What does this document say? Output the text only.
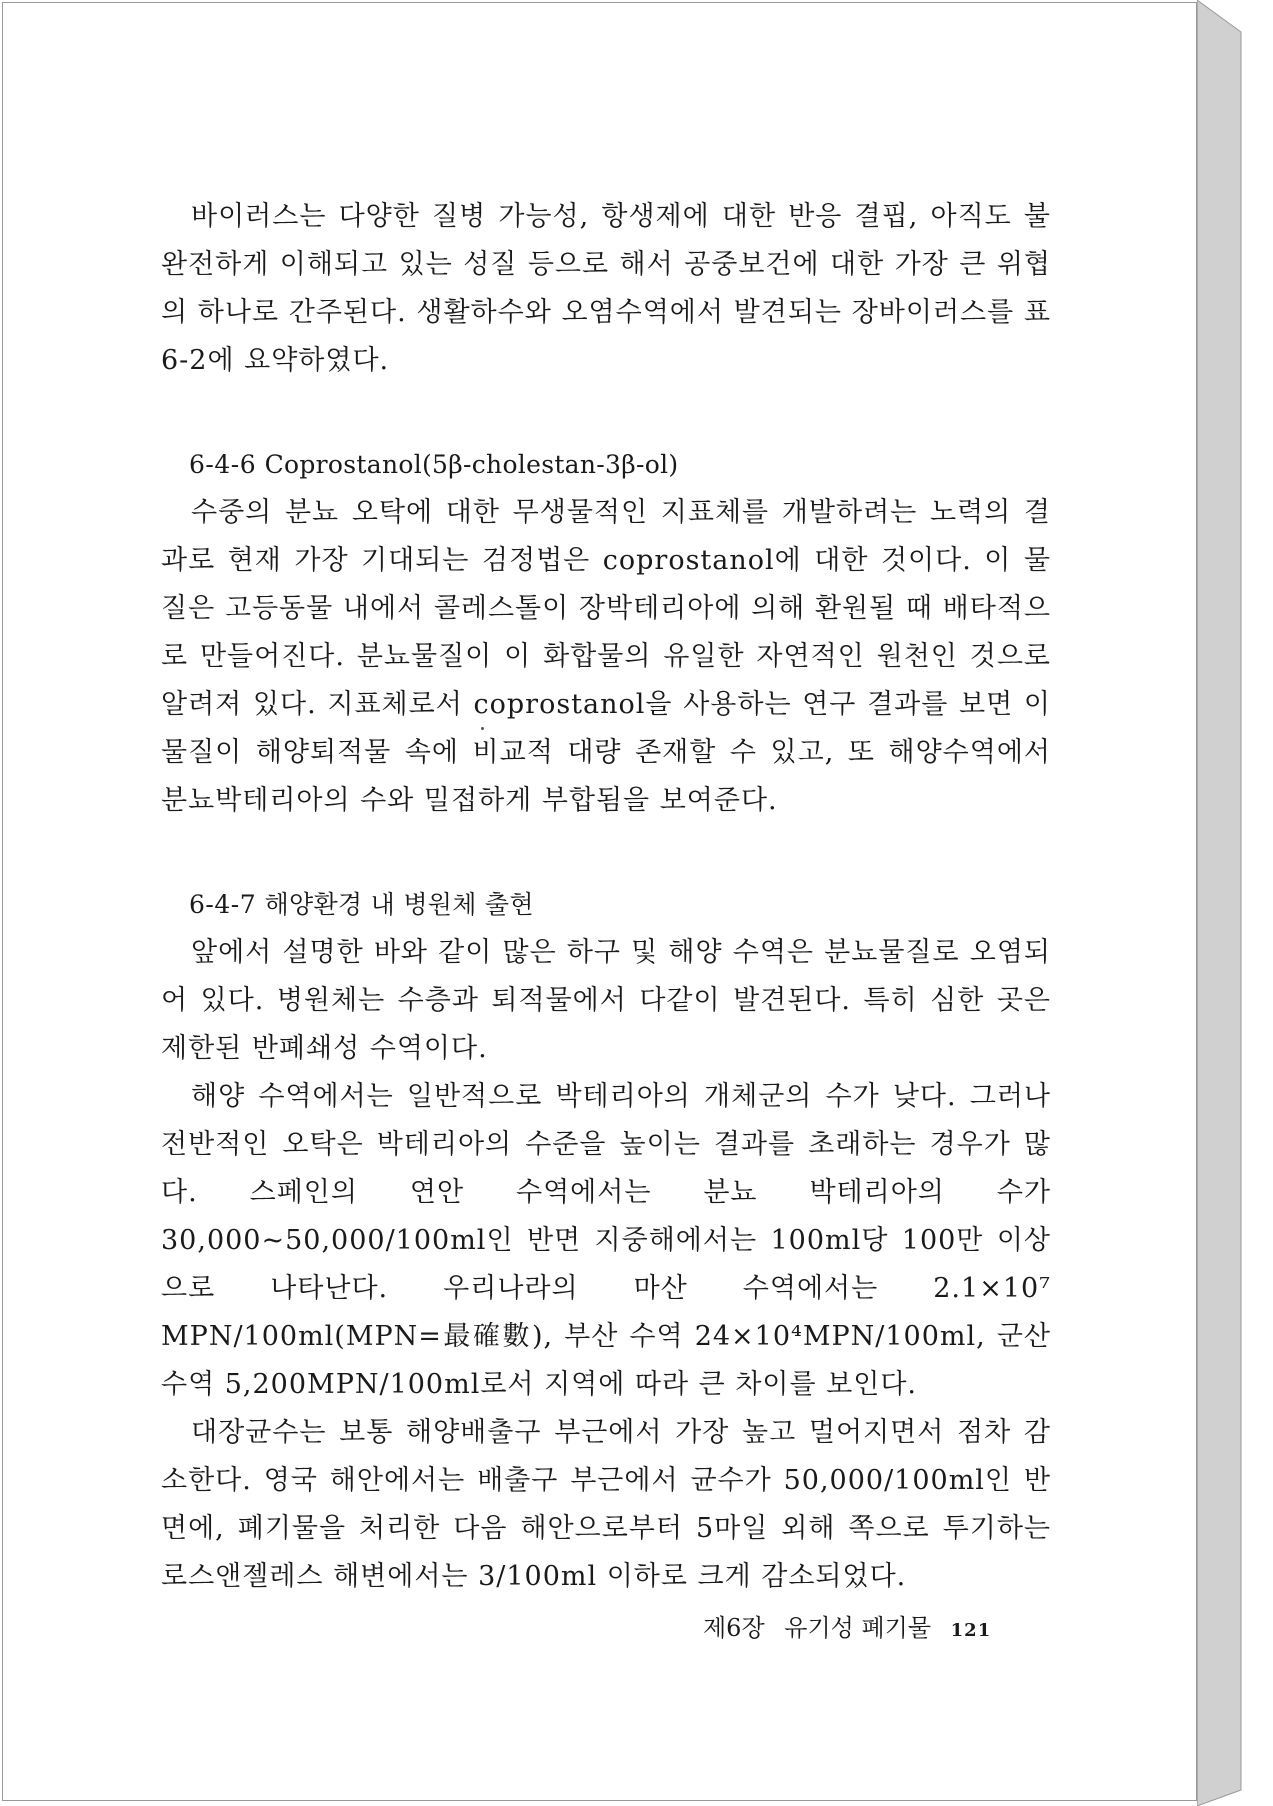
바이러스는 다양한 질병 가능성, 항생제에 대한 반응 결핍, 아직도 불완전하게 이해되고 있는 성질 등으로 해서 공중보건에 대한 가장 큰 위협의 하나로 간주된다. 생활하수와 오염수역에서 발견되는 장바이러스를 표 6-2에 요약하였다.

6-4-6 Coprostanol(5β-cholestan-3β-ol)

수중의 분뇨 오탁에 대한 무생물적인 지표체를 개발하려는 노력의 결과로 현재 가장 기대되는 검정법은 coprostanol에 대한 것이다. 이 물질은 고등동물 내에서 콜레스톨이 장박테리아에 의해 환원될 때 배타적으로 만들어진다. 분뇨물질이 이 화합물의 유일한 자연적인 원천인 것으로 알려져 있다. 지표체로서 coprostanol을 사용하는 연구 결과를 보면 이 물질이 해양퇴적물 속에 비교적 대량 존재할 수 있고, 또 해양수역에서 분뇨박테리아의 수와 밀접하게 부합됨을 보여준다.

6-4-7 해양환경 내 병원체 출현

앞에서 설명한 바와 같이 많은 하구 및 해양 수역은 분뇨물질로 오염되어 있다. 병원체는 수층과 퇴적물에서 다같이 발견된다. 특히 심한 곳은 제한된 반폐쇄성 수역이다.

해양 수역에서는 일반적으로 박테리아의 개체군의 수가 낮다. 그러나 전반적인 오탁은 박테리아의 수준을 높이는 결과를 초래하는 경우가 많다. 스페인의 연안 수역에서는 분뇨 박테리아의 수가 30,000~50,000/100ml인 반면 지중해에서는 100ml당 100만 이상으로 나타난다. 우리나라의 마산 수역에서는 2.1×10⁷ MPN/100ml(MPN=最確數), 부산 수역 24×10⁴MPN/100ml, 군산 수역 5,200MPN/100ml로서 지역에 따라 큰 차이를 보인다.

대장균수는 보통 해양배출구 부근에서 가장 높고 멀어지면서 점차 감소한다. 영국 해안에서는 배출구 부근에서 균수가 50,000/100ml인 반면에, 폐기물을 처리한 다음 해안으로부터 5마일 외해 쪽으로 투기하는 로스앤젤레스 해변에서는 3/100ml 이하로 크게 감소되었다.

제6장 유기성 폐기물 121
